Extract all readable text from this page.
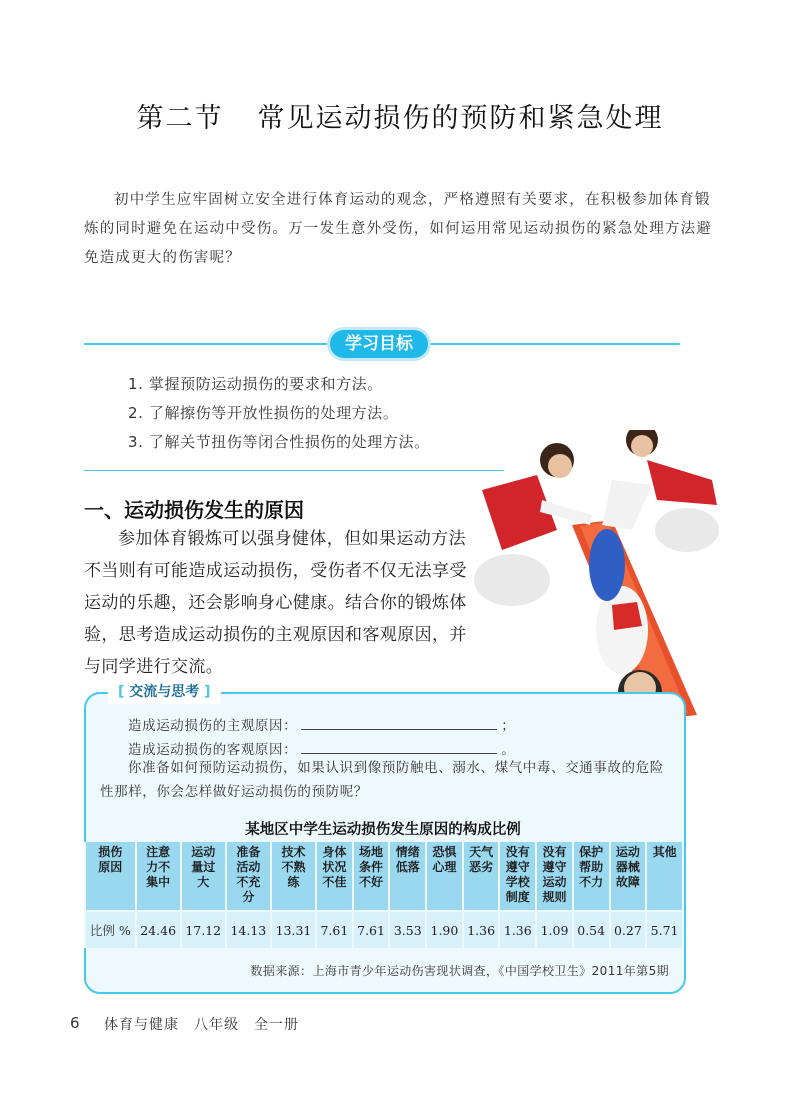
第二节 常见运动损伤的预防和紧急处理

初中学生应牢固树立安全进行体育运动的观念，严格遵照有关要求，在积极参加体育锻炼的同时避免在运动中受伤。万一发生意外受伤，如何运用常见运动损伤的紧急处理方法避免造成更大的伤害呢？

学习目标
1. 掌握预防运动损伤的要求和方法。
2. 了解擦伤等开放性损伤的处理方法。
3. 了解关节扭伤等闭合性损伤的处理方法。
一、运动损伤发生的原因

参加体育锻炼可以强身健体，但如果运动方法不当则有可能造成运动损伤，受伤者不仅无法享受运动的乐趣，还会影响身心健康。结合你的锻炼体验，思考造成运动损伤的主观原因和客观原因，并与同学进行交流。

[ 交流与思考 ]
造成运动损伤的主观原因：	；
造成运动损伤的客观原因：	。

你准备如何预防运动损伤，如果认识到像预防触电、溺水、煤气中毒、交通事故的危险性那样，你会怎样做好运动损伤的预防呢？

某地区中学生运动损伤发生原因的构成比例
损伤原因	注意力不集中	运动量过大	准备活动不充分	技术不熟练	身体状况不佳	场地条件不好	情绪低落	恐惧心理	天气恶劣	没有遵守学校制度	没有遵守运动规则	保护帮助不力	运动器械故障	其他
比例 %	24.46	17.12	14.13	13.31	7.61	7.61	3.53	1.90	1.36	1.36	1.09	0.54	0.27	5.71
数据来源：上海市青少年运动伤害现状调查，《中国学校卫生》2011年第5期
6 体育与健康　八年级　全一册
